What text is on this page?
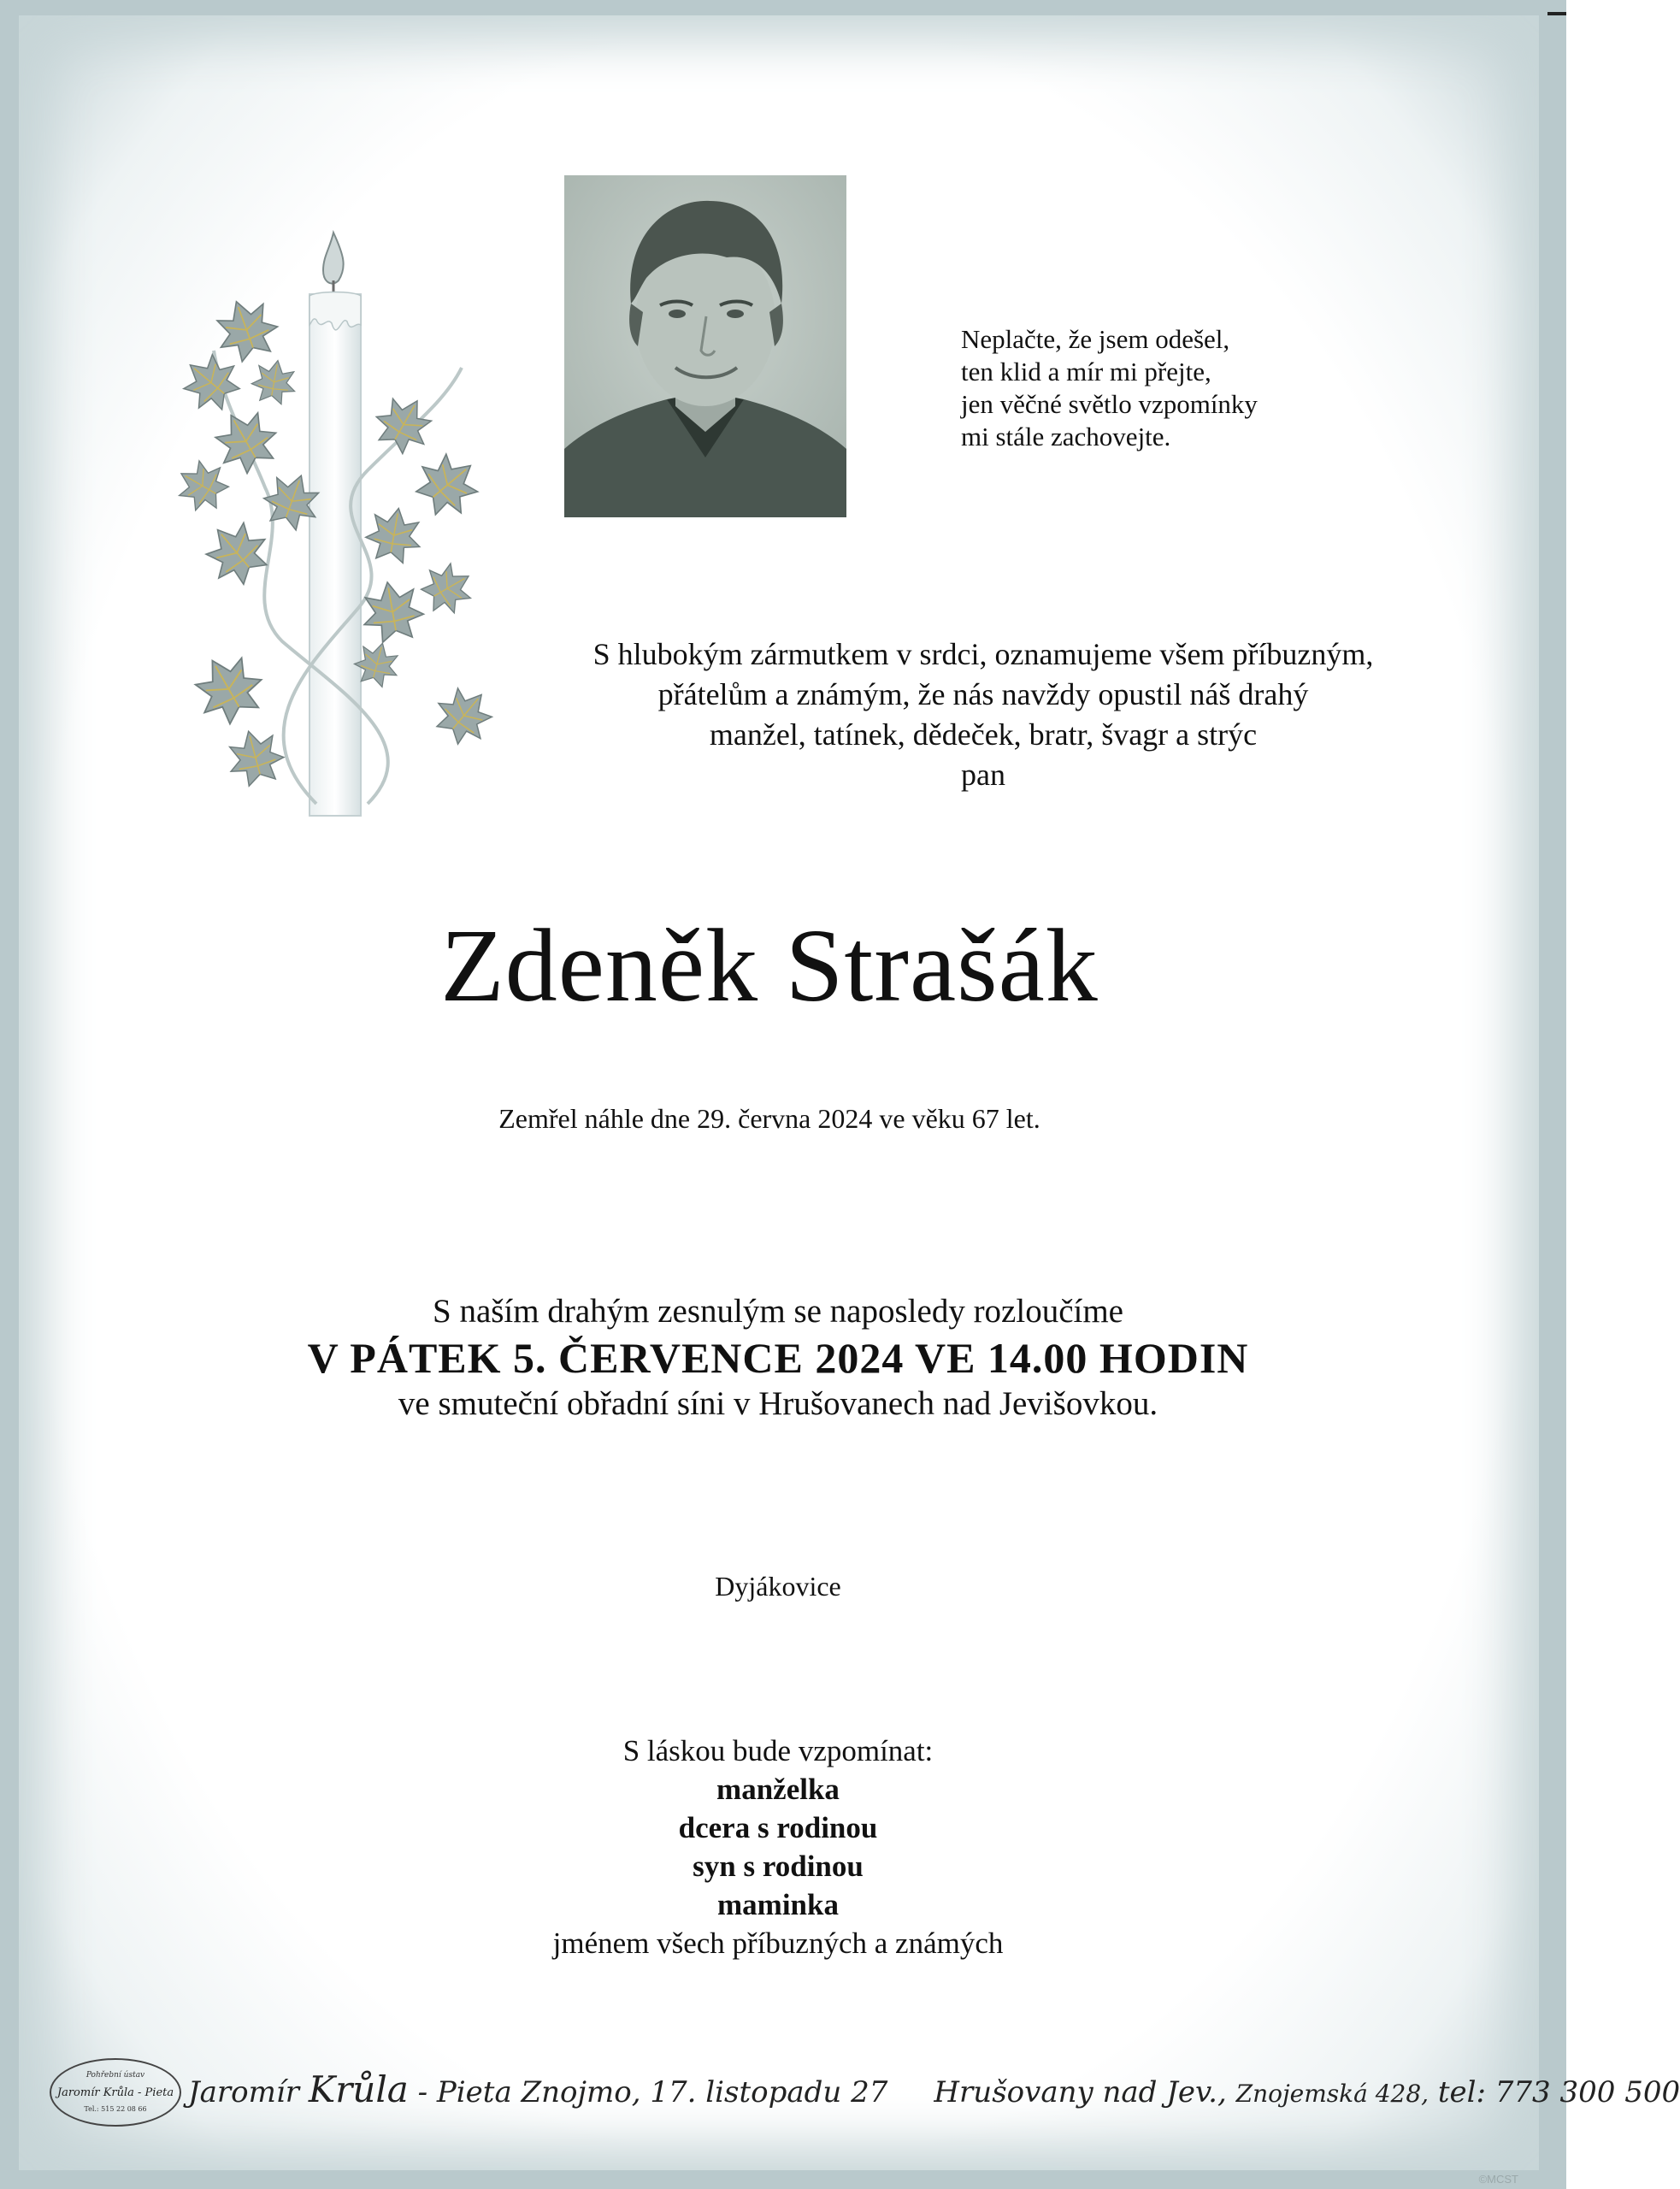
Neplačte, že jsem odešel,
ten klid a mír mi přejte,
jen věčné světlo vzpomínky
mi stále zachovejte.
S hlubokým zármutkem v srdci, oznamujeme všem příbuzným,
přátelům a známým, že nás navždy opustil náš drahý
manžel, tatínek, dědeček, bratr, švagr a strýc
pan
Zdeněk Strašák
Zemřel náhle dne 29. června 2024 ve věku 67 let.
S naším drahým zesnulým se naposledy rozloučíme
V PÁTEK 5. ČERVENCE 2024 VE 14.00 HODIN
ve smuteční obřadní síni v Hrušovanech nad Jevišovkou.
Dyjákovice
S láskou bude vzpomínat:
manželka
dcera s rodinou
syn s rodinou
maminka
jménem všech příbuzných a známých
Pohřební ústav
Jaromír Krůla - Pieta
Tel.: 515 22 08 66 Jaromír Krůla - Pieta Znojmo, 17. listopadu 27 Hrušovany nad Jev., Znojemská 428, tel: 773 300 500
©MCST
